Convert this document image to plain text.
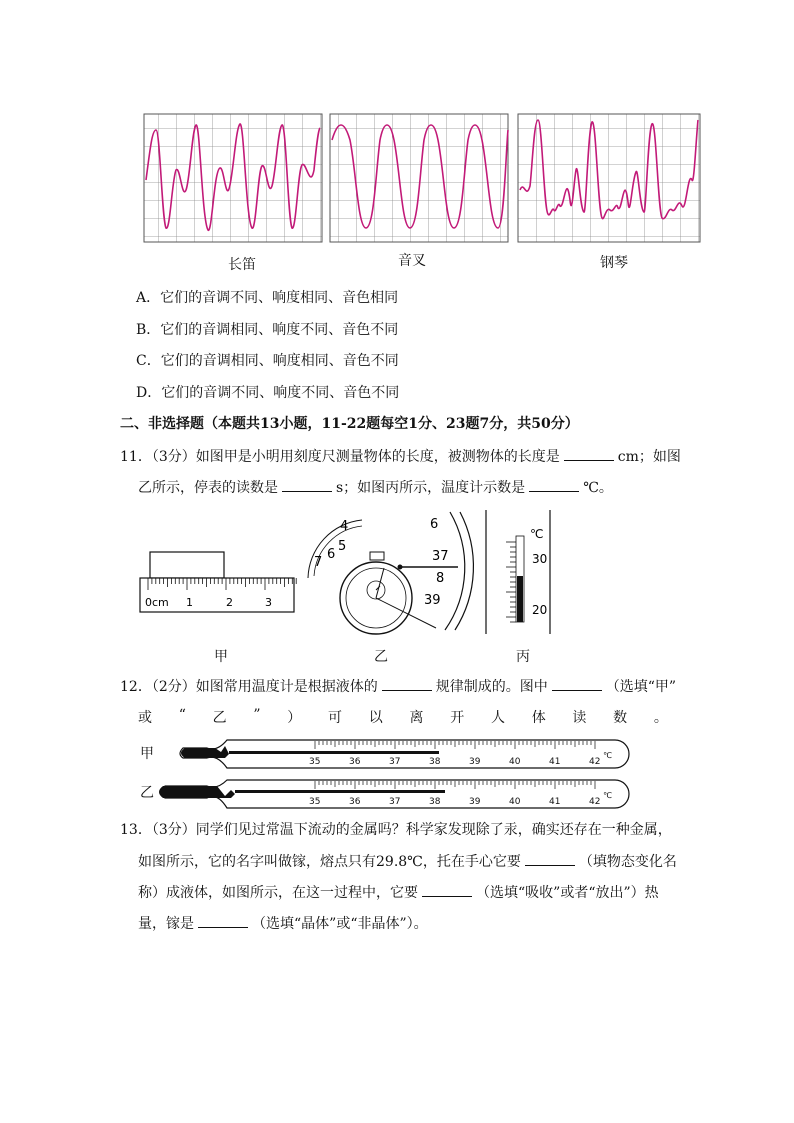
长笛	音叉	钢琴
A．它们的音调不同、响度相同、音色相同
B．它们的音调相同、响度不同、音色不同
C．它们的音调相同、响度相同、音色不同
D．它们的音调不同、响度不同、音色不同
二、非选择题（本题共13小题，11-22题每空1分、23题7分，共50分）
11．（3分）如图甲是小明用刻度尺测量物体的长度，被测物体的长度是	cm；如图
乙所示，停表的读数是	s；如图丙所示，温度计示数是	℃。
0cm 1	2	3
4
5
6
7
6
37
8
39
℃
30
20
甲	乙	丙
12．（2分）如图常用温度计是根据液体的	规律制成的。图中	（选填“甲”
或 “ 乙 ” ） 可 以 离 开 人 体 读 数 。
甲
乙
35	36	37	38	39	40	41	42
℃
35	36	37	38	39	40	41	42
℃
13．（3分）同学们见过常温下流动的金属吗？科学家发现除了汞，确实还存在一种金属，
如图所示，它的名字叫做镓，熔点只有29.8℃，托在手心它要	（填物态变化名
称）成液体，如图所示，在这一过程中，它要	（选填“吸收”或者“放出”）热
量，镓是	（选填“晶体”或“非晶体”）。
